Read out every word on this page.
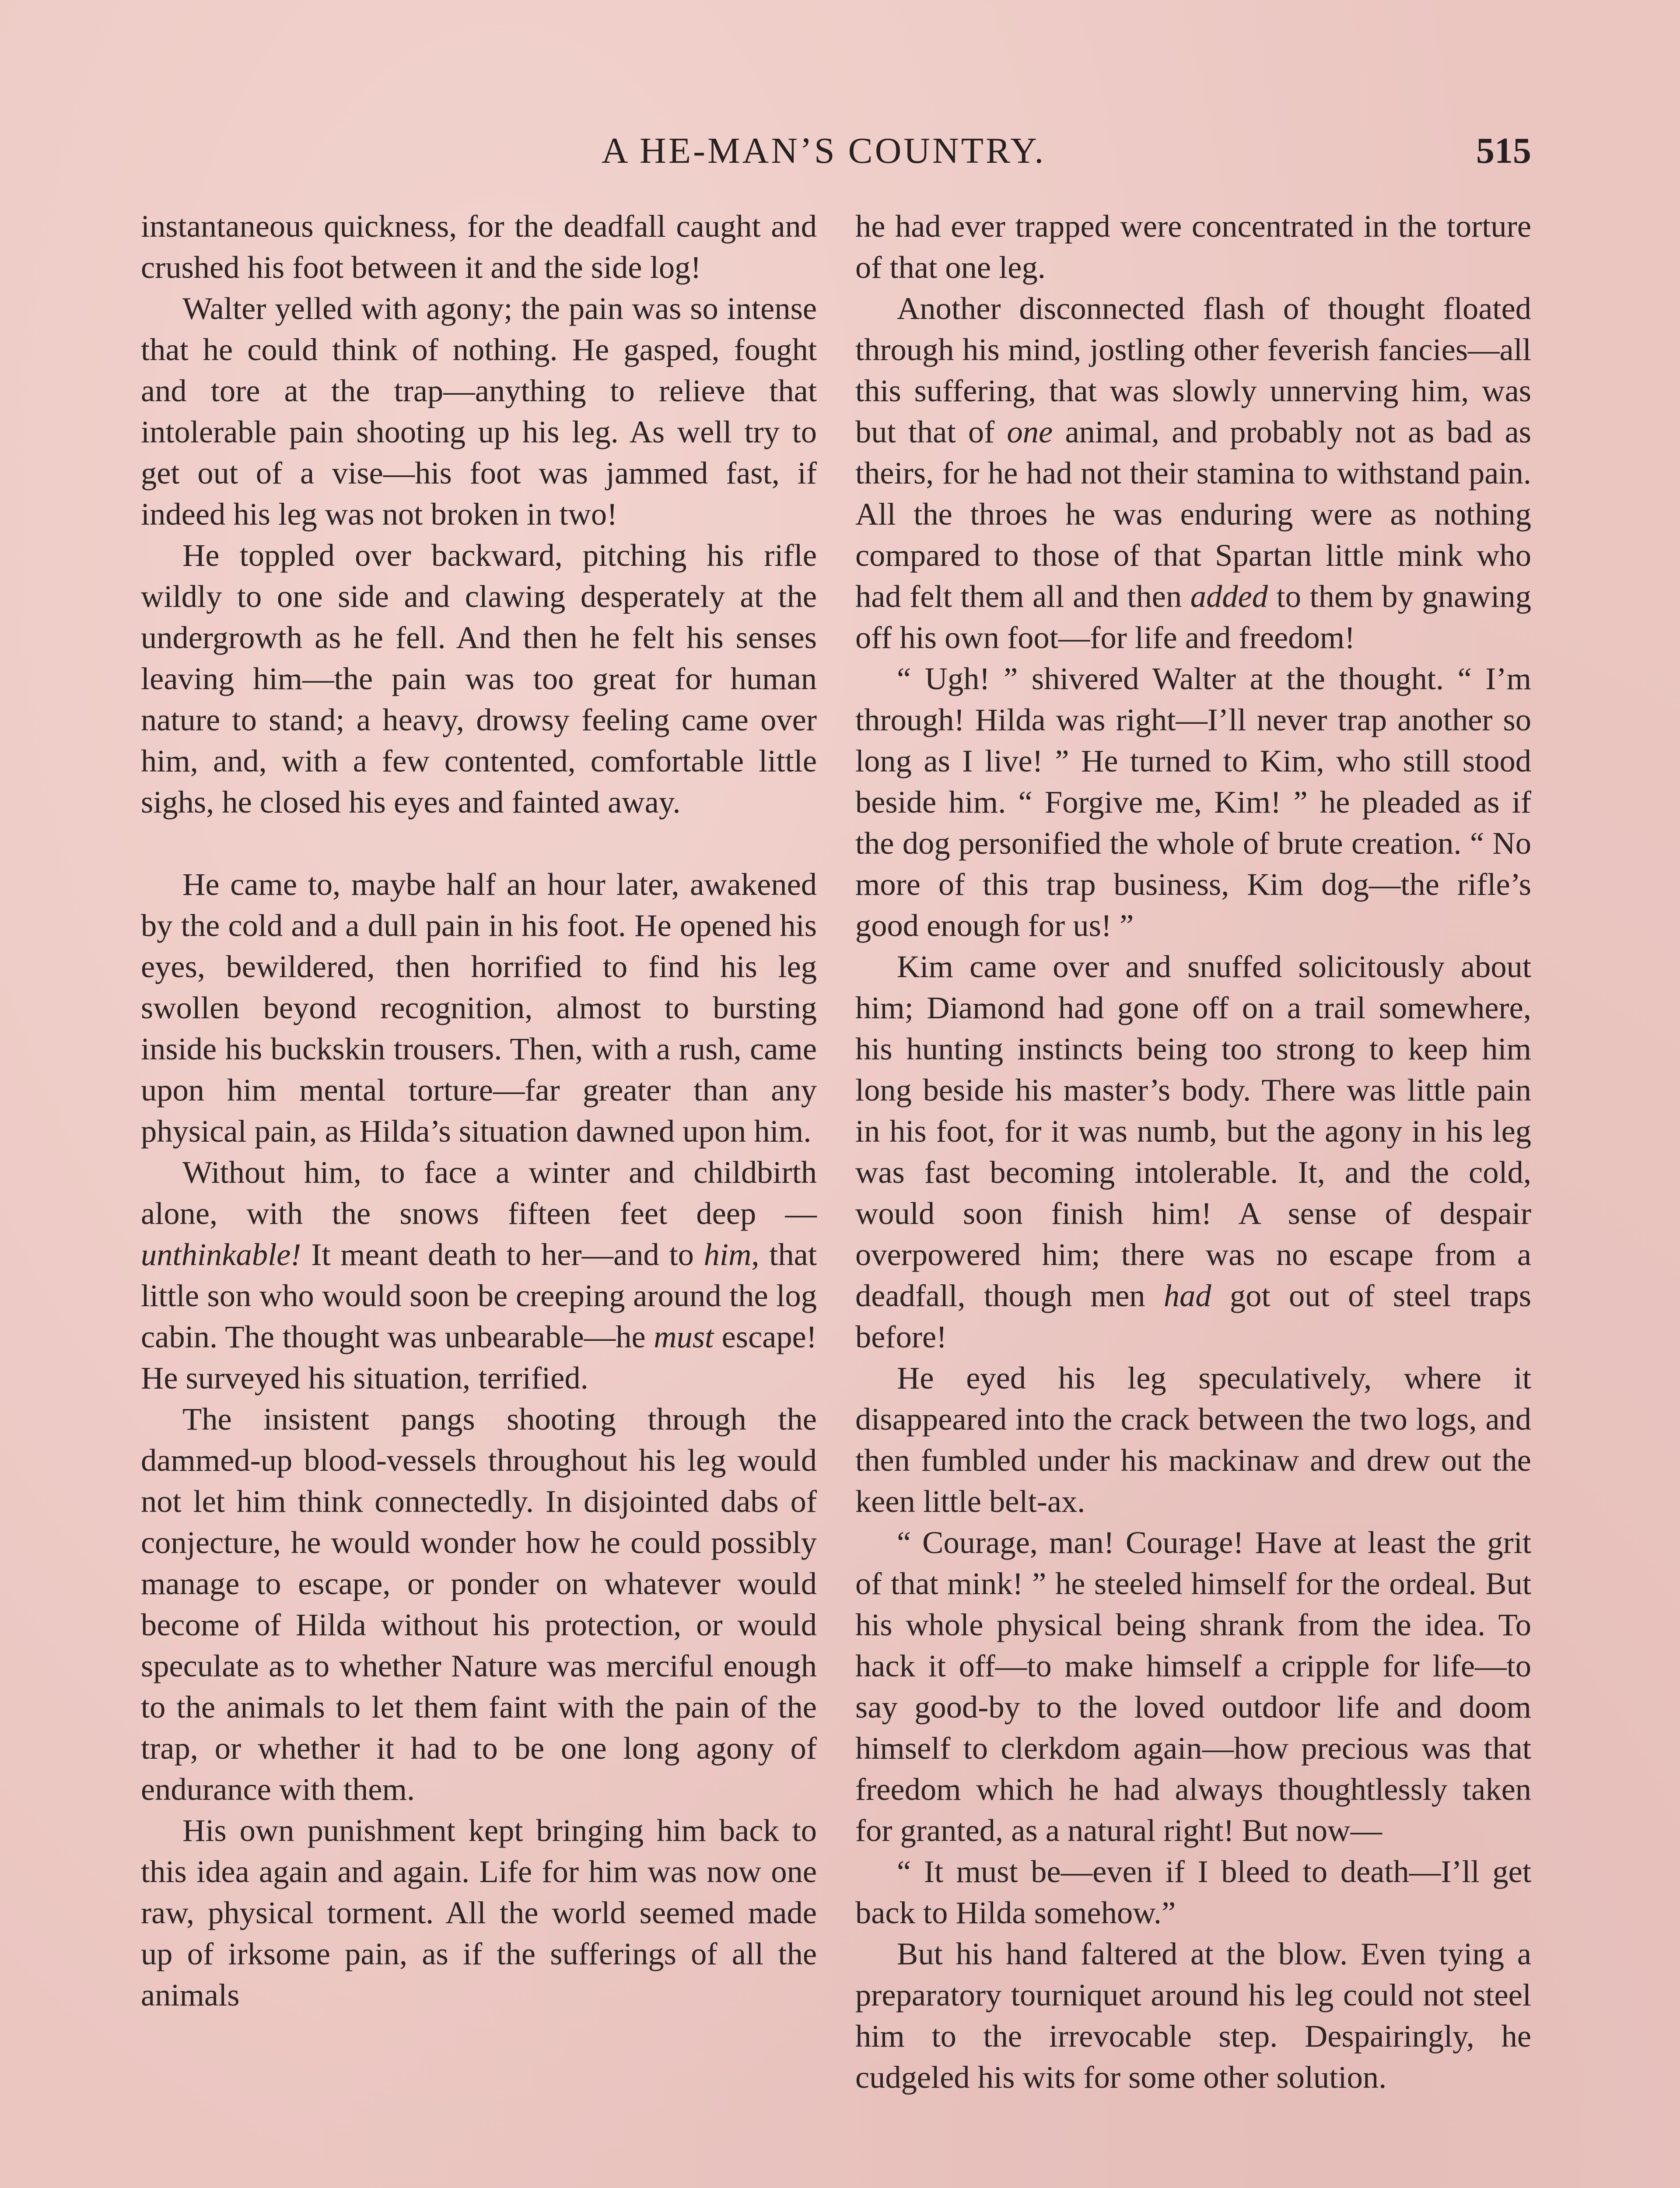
A HE-MAN’S COUNTRY.	515

instantaneous quickness, for the deadfall caught and crushed his foot between it and the side log!

Walter yelled with agony; the pain was so intense that he could think of nothing. He gasped, fought and tore at the trap—anything to relieve that intolerable pain shooting up his leg. As well try to get out of a vise—his foot was jammed fast, if indeed his leg was not broken in two!

He toppled over backward, pitching his rifle wildly to one side and clawing desperately at the undergrowth as he fell. And then he felt his senses leaving him—the pain was too great for human nature to stand; a heavy, drowsy feeling came over him, and, with a few contented, comfortable little sighs, he closed his eyes and fainted away.

He came to, maybe half an hour later, awakened by the cold and a dull pain in his foot. He opened his eyes, bewildered, then horrified to find his leg swollen beyond recognition, almost to bursting inside his buckskin trousers. Then, with a rush, came upon him mental torture—far greater than any physical pain, as Hilda’s situation dawned upon him.

Without him, to face a winter and childbirth alone, with the snows fifteen feet deep —unthinkable! It meant death to her—and to him, that little son who would soon be creeping around the log cabin. The thought was unbearable—he must escape! He surveyed his situation, terrified.

The insistent pangs shooting through the dammed-up blood-vessels throughout his leg would not let him think connectedly. In disjointed dabs of conjecture, he would wonder how he could possibly manage to escape, or ponder on whatever would become of Hilda without his protection, or would speculate as to whether Nature was merciful enough to the animals to let them faint with the pain of the trap, or whether it had to be one long agony of endurance with them.

His own punishment kept bringing him back to this idea again and again. Life for him was now one raw, physical torment. All the world seemed made up of irksome pain, as if the sufferings of all the animals

he had ever trapped were concentrated in the torture of that one leg.

Another disconnected flash of thought floated through his mind, jostling other feverish fancies—all this suffering, that was slowly unnerving him, was but that of one animal, and probably not as bad as theirs, for he had not their stamina to withstand pain. All the throes he was enduring were as nothing compared to those of that Spartan little mink who had felt them all and then added to them by gnawing off his own foot—for life and freedom!

“ Ugh! ” shivered Walter at the thought. “ I’m through! Hilda was right—I’ll never trap another so long as I live! ” He turned to Kim, who still stood beside him. “ Forgive me, Kim! ” he pleaded as if the dog personified the whole of brute creation. “ No more of this trap business, Kim dog—the rifle’s good enough for us! ”

Kim came over and snuffed solicitously about him; Diamond had gone off on a trail somewhere, his hunting instincts being too strong to keep him long beside his master’s body. There was little pain in his foot, for it was numb, but the agony in his leg was fast becoming intolerable. It, and the cold, would soon finish him! A sense of despair overpowered him; there was no escape from a deadfall, though men had got out of steel traps before!

He eyed his leg speculatively, where it disappeared into the crack between the two logs, and then fumbled under his mackinaw and drew out the keen little belt-ax.

“ Courage, man! Courage! Have at least the grit of that mink! ” he steeled himself for the ordeal. But his whole physical being shrank from the idea. To hack it off—to make himself a cripple for life—to say good-by to the loved outdoor life and doom himself to clerkdom again—how precious was that freedom which he had always thoughtlessly taken for granted, as a natural right! But now—

“ It must be—even if I bleed to death—I’ll get back to Hilda somehow.”

But his hand faltered at the blow. Even tying a preparatory tourniquet around his leg could not steel him to the irrevocable step. Despairingly, he cudgeled his wits for some other solution.
